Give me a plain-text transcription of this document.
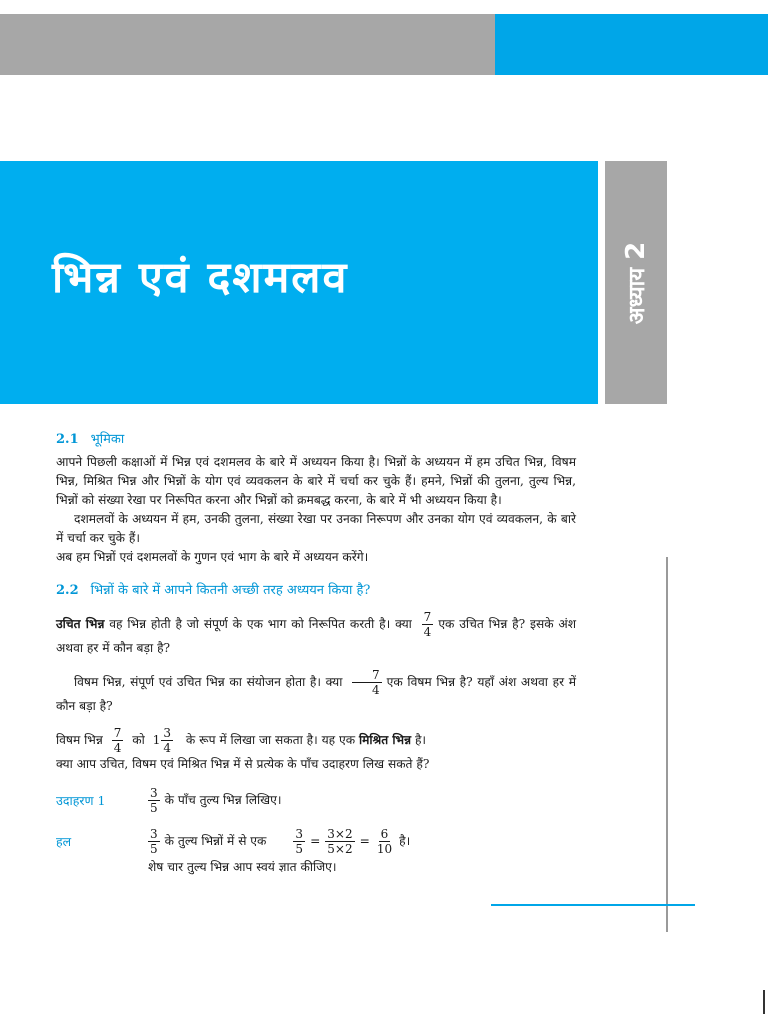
भिन्न एवं दशमलव	अध्याय2
2.1 भूमिका

आपने पिछली कक्षाओं में भिन्न एवं दशमलव के बारे में अध्ययन किया है। भिन्नों के अध्ययन में हम उचित भिन्न, विषम भिन्न, मिश्रित भिन्न और भिन्नों के योग एवं व्यवकलन के बारे में चर्चा कर चुके हैं। हमने, भिन्नों की तुलना, तुल्य भिन्न, भिन्नों को संख्या रेखा पर निरूपित करना और भिन्नों को क्रमबद्ध करना, के बारे में भी अध्ययन किया है।

दशमलवों के अध्ययन में हम, उनकी तुलना, संख्या रेखा पर उनका निरूपण और उनका योग एवं व्यवकलन, के बारे में चर्चा कर चुके हैं।

अब हम भिन्नों एवं दशमलवों के गुणन एवं भाग के बारे में अध्ययन करेंगे।

2.2 भिन्नों के बारे में आपने कितनी अच्छी तरह अध्ययन किया है?

उचित भिन्न वह भिन्न होती है जो संपूर्ण के एक भाग को निरूपित करती है। क्या $\frac{7}{4}$ एक उचित भिन्न है? इसके अंश अथवा हर में कौन बड़ा है?

विषम भिन्न, संपूर्ण एवं उचित भिन्न का संयोजन होता है। क्या $\frac{7}{4}$ एक विषम भिन्न है? यहाँ अंश अथवा हर में कौन बड़ा है?

विषम भिन्न $\frac{7}{4}$ को $1 \frac{3}{4}$ के रूप में लिखा जा सकता है। यह एक मिश्रित भिन्न है।

क्या आप उचित, विषम एवं मिश्रित भिन्न में से प्रत्येक के पाँच उदाहरण लिख सकते हैं?

उदाहरण 1	$\frac{3}{5}$ के पाँच तुल्य भिन्न लिखिए।
हल	$\frac{3}{5}$ के तुल्य भिन्नों में से एक $\frac{3}{5} = \frac{3\times 2}{5\times 2} = \frac{6}{10}$ है।

शेष चार तुल्य भिन्न आप स्वयं ज्ञात कीजिए।
